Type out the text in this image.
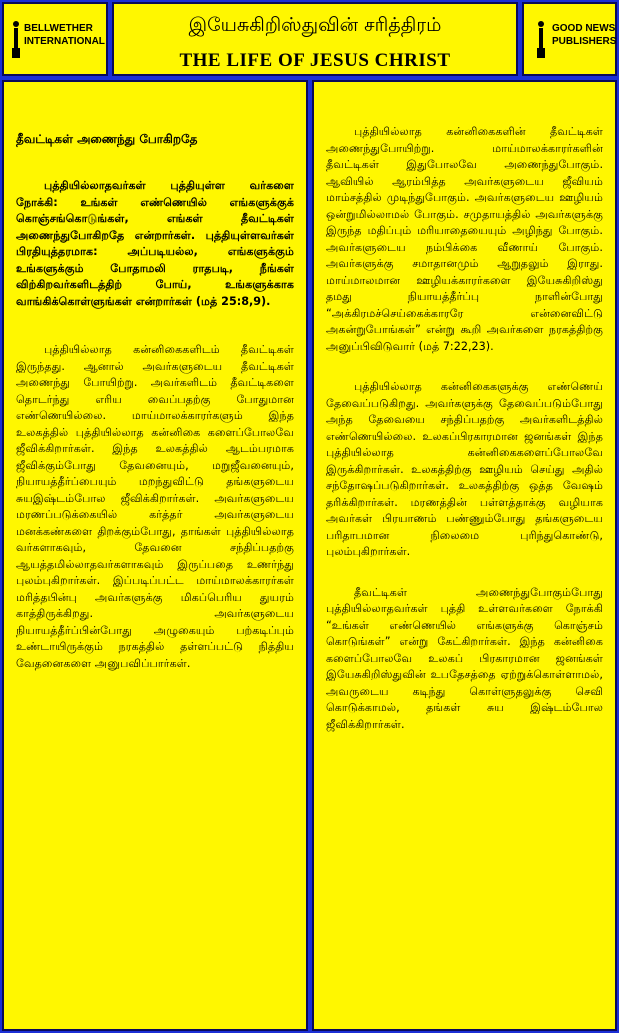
BELLWETHER INTERNATIONAL
இயேசுகிறிஸ்துவின் சரித்திரம்
THE LIFE OF JESUS CHRIST
GOOD NEWS PUBLISHERS
தீவட்டிகள் அணைந்து போகிறதே

புத்தியில்லாதவர்கள் புத்தியுள்ள வர்களை நோக்கி: உங்கள் எண்ணெயில் எங்களுக்குக் கொஞ்சங்கொடுங்கள், எங்கள் தீவட்டிகள் அணைந்துபோகிறதே என்றார்கள். புத்தியுள்ளவர்கள் பிரதியுத்தரமாக: அப்படியல்ல, எங்களுக்கும் உங்களுக்கும் போதாமலி ராதபடி, நீங்கள் விற்கிறவர்களிடத்திற் போய், உங்களுக்காக வாங்கிக்கொள்ளுங்கள் என்றார்கள் (மத் 25:8,9).

புத்தியில்லாத கன்னிகைகளிடம் தீவட்டிகள் இருந்தது. ஆனால் அவர்களுடைய தீவட்டிகள் அணைந்து போயிற்று. அவர்களிடம் தீவட்டிகளை தொடர்ந்து எரிய வைப்பதற்கு போதுமான எண்ணெயில்லை. மாய்மாலக்காரர்களும் இந்த உலகத்தில் புத்தியில்லாத கன்னிகை களைப்போலவே ஜீவிக்கிறார்கள். இந்த உலகத்தில் ஆடம்பரமாக ஜீவிக்கும்போது தேவனையும், மறுஜீவனையும், நியாயத்தீர்ப்பையும் மறந்துவிட்டு தங்களுடைய சுயஇஷ்டம்போல ஜீவிக்கிறார்கள். அவர்களுடைய மரணப்படுக்கையில் கர்த்தர் அவர்களுடைய மனக்கண்களை திறக்கும்போது, தாங்கள் புத்தியில்லாத வர்களாகவும், தேவனை சந்திப்பதற்கு ஆயத்தமில்லாதவர்களாகவும் இருப்பதை உணர்ந்து புலம்புகிறார்கள். இப்படிப்பட்ட மாய்மாலக்காரர்கள் மரித்தபின்பு அவர்களுக்கு மிகப்பெரிய துயரம் காத்திருக்கிறது. அவர்களுடைய நியாயத்தீர்ப்பின்போது அழுகையும் பற்கடிப்பும் உண்டாயிருக்கும் நரகத்தில் தள்ளப்பட்டு நித்திய வேதனைகளை அனுபவிப்பார்கள்.

புத்தியில்லாத கன்னிகைகளின் தீவட்டிகள் அணைந்துபோயிற்று. மாய்மாலக்காரர்களின் தீவட்டிகள் இதுபோலவே அணைந்துபோகும். ஆவியில் ஆரம்பித்த அவர்களுடைய ஜீவியம் மாம்சத்தில் முடிந்துபோகும். அவர்களுடைய ஊழியம் ஒன்றுமில்லாமல் போகும். சமுதாயத்தில் அவர்களுக்கு இருந்த மதிப்பும் மரியாதையையும் அழிந்து போகும். அவர்களுடைய நம்பிக்கை வீணாய் போகும். அவர்களுக்கு சமாதானமும் ஆறுதலும் இராது. மாய்மாலமான ஊழியக்காரர்களை இயேசுகிறிஸ்து தமது நியாயத்தீர்ப்பு நாளின்போது “அக்கிரமச்செய்கைக்காரரே என்னைவிட்டு அகன்றுபோங்கள்” என்று கூறி அவர்களை நரகத்திற்கு அனுப்பிவிடுவார் (மத் 7:22,23).

புத்தியில்லாத கன்னிகைகளுக்கு எண்ணெய் தேவைப்படுகிறது. அவர்களுக்கு தேவைப்படும்போது அந்த தேவையை சந்திப்பதற்கு அவர்களிடத்தில் எண்ணெயில்லை. உலகப்பிரகாரமான ஜனங்கள் இந்த புத்தியில்லாத கன்னிகைகளைப்போலவே இருக்கிறார்கள். உலகத்திற்கு ஊழியம் செய்து அதில் சந்தோஷப்படுகிறார்கள். உலகத்திற்கு ஒத்த வேஷம் தரிக்கிறார்கள். மரணத்தின் பள்ளத்தாக்கு வழியாக அவர்கள் பிரயாணம் பண்ணும்போது தங்களுடைய பரிதாபமான நிலைமை புரிந்துகொண்டு, புலம்புகிறார்கள்.

தீவட்டிகள் அணைந்துபோகும்போது புத்தியில்லாதவர்கள் புத்தி உள்ளவர்களை நோக்கி “உங்கள் எண்ணெயில் எங்களுக்கு கொஞ்சம் கொடுங்கள்” என்று கேட்கிறார்கள். இந்த கன்னிகை களைப்போலவே உலகப் பிரகாரமான ஜனங்கள் இயேசுகிறிஸ்துவின் உபதேசத்தை ஏற்றுக்கொள்ளாமல், அவருடைய கடிந்து கொள்ளுதலுக்கு செவி கொடுக்காமல், தங்கள் சுய இஷ்டம்போல ஜீவிக்கிறார்கள்.
